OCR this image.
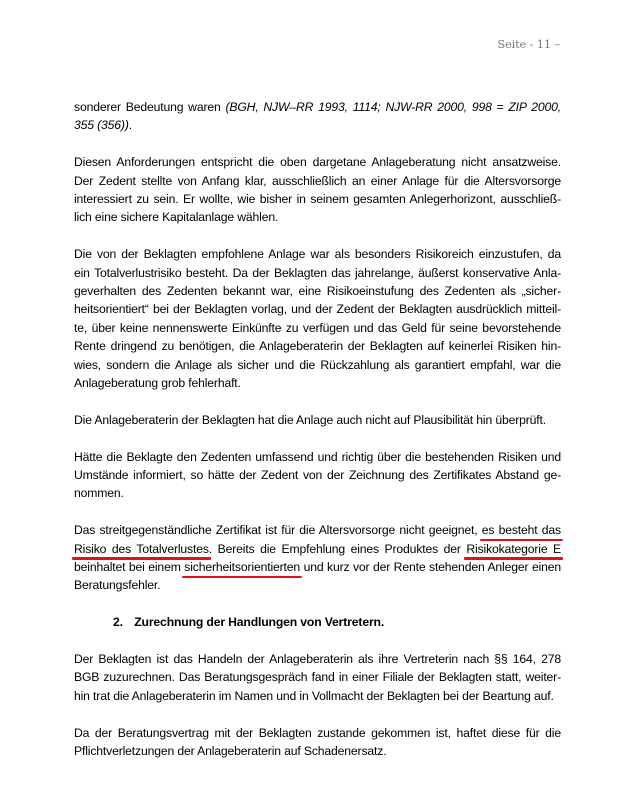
Seite - 11 –

sonderer Bedeutung waren (BGH, NJW–RR 1993, 1114; NJW-RR 2000, 998 = ZIP 2000,
355 (356)).

Diesen Anforderungen entspricht die oben dargetane Anlageberatung nicht ansatzweise.
Der Zedent stellte von Anfang klar, ausschließlich an einer Anlage für die Altersvorsorge
interessiert zu sein. Er wollte, wie bisher in seinem gesamten Anlegerhorizont, ausschließ-
lich eine sichere Kapitalanlage wählen.

Die von der Beklagten empfohlene Anlage war als besonders Risikoreich einzustufen, da
ein Totalverlustrisiko besteht. Da der Beklagten das jahrelange, äußerst konservative Anla-
geverhalten des Zedenten bekannt war, eine Risikoeinstufung des Zedenten als „sicher-
heitsorientiert“ bei der Beklagten vorlag, und der Zedent der Beklagten ausdrücklich mitteil-
te, über keine nennenswerte Einkünfte zu verfügen und das Geld für seine bevorstehende
Rente dringend zu benötigen, die Anlageberaterin der Beklagten auf keinerlei Risiken hin-
wies, sondern die Anlage als sicher und die Rückzahlung als garantiert empfahl, war die
Anlageberatung grob fehlerhaft.

Die Anlageberaterin der Beklagten hat die Anlage auch nicht auf Plausibilität hin überprüft.

Hätte die Beklagte den Zedenten umfassend und richtig über die bestehenden Risiken und
Umstände informiert, so hätte der Zedent von der Zeichnung des Zertifikates Abstand ge-
nommen.

Das streitgegenständliche Zertifikat ist für die Altersvorsorge nicht geeignet, es besteht das
Risiko des Totalverlustes. Bereits die Empfehlung eines Produktes der Risikokategorie E
beinhaltet bei einem sicherheitsorientierten und kurz vor der Rente stehenden Anleger einen
Beratungsfehler.

2. Zurechnung der Handlungen von Vertretern.

Der Beklagten ist das Handeln der Anlageberaterin als ihre Vertreterin nach §§ 164, 278
BGB zuzurechnen. Das Beratungsgespräch fand in einer Filiale der Beklagten statt, weiter-
hin trat die Anlageberaterin im Namen und in Vollmacht der Beklagten bei der Beartung auf.

Da der Beratungsvertrag mit der Beklagten zustande gekommen ist, haftet diese für die
Pflichtverletzungen der Anlageberaterin auf Schadenersatz.
